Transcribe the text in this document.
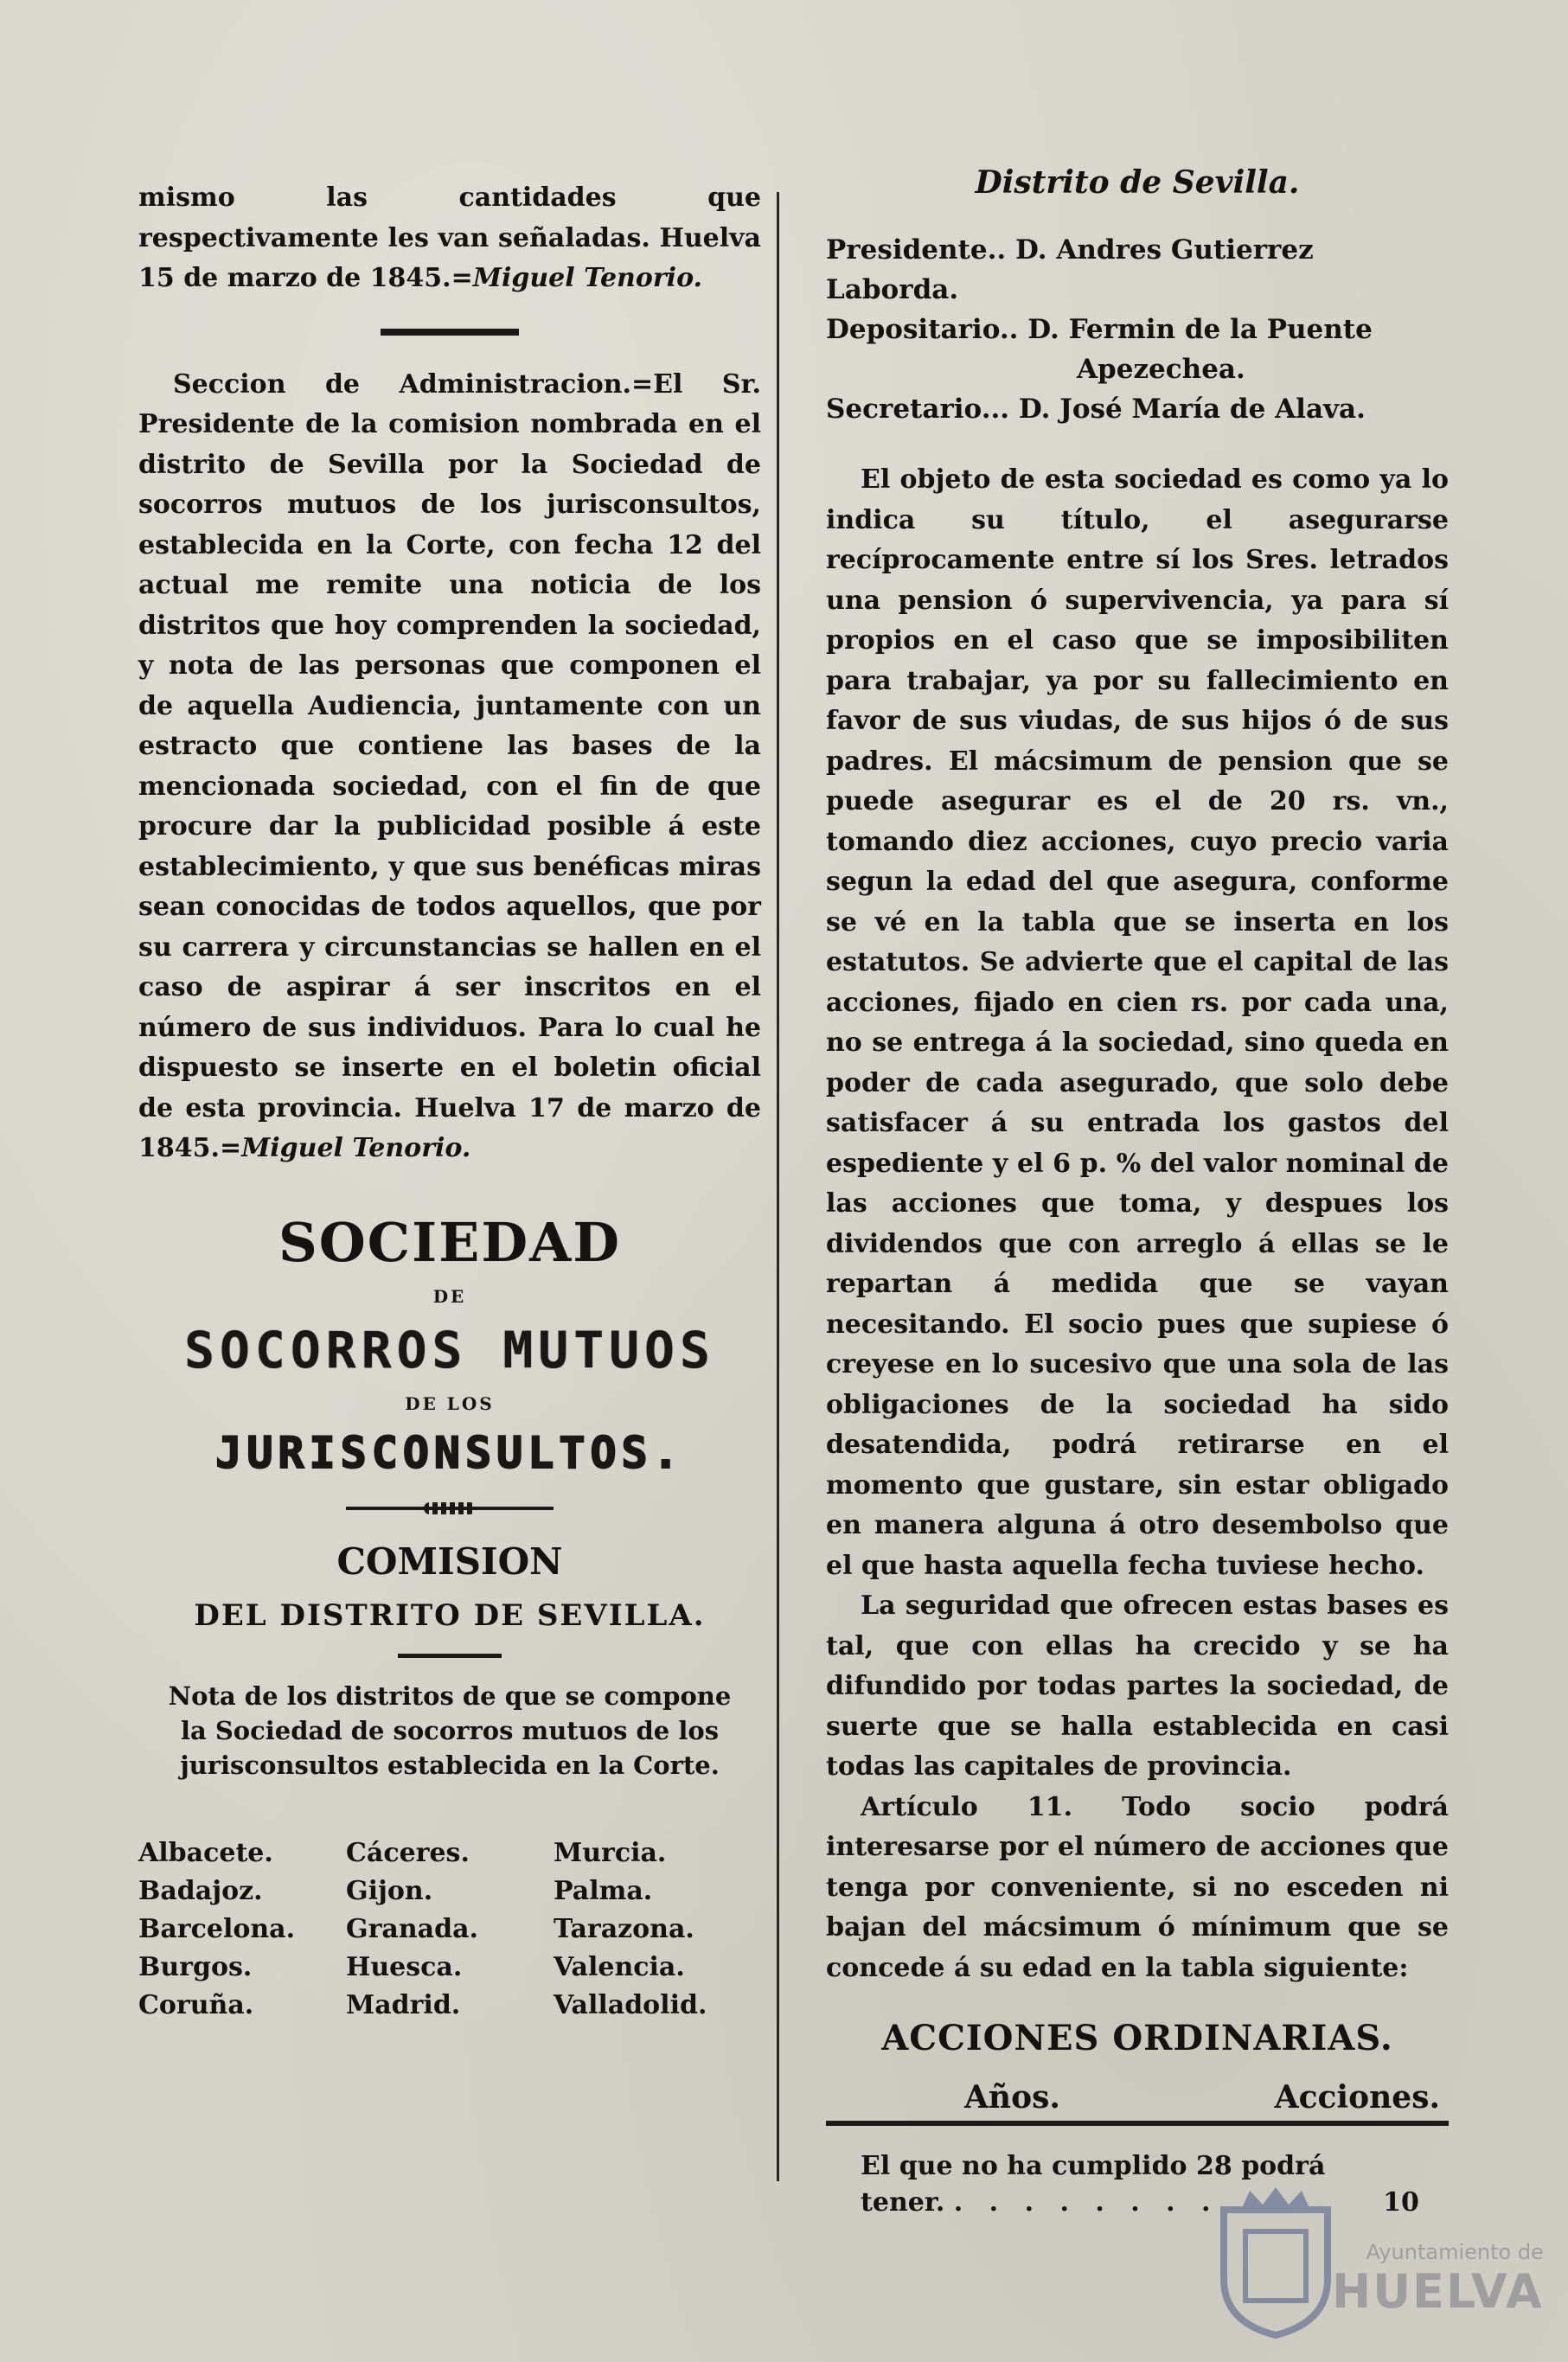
mismo las cantidades que respectivamente les van señaladas. Huelva 15 de marzo de 1845.=Miguel Tenorio.

Seccion de Administracion.=El Sr. Presidente de la comision nombrada en el distrito de Sevilla por la Sociedad de socorros mutuos de los jurisconsultos, establecida en la Corte, con fecha 12 del actual me remite una noticia de los distritos que hoy comprenden la sociedad, y nota de las personas que componen el de aquella Audiencia, juntamente con un estracto que contiene las bases de la mencionada sociedad, con el fin de que procure dar la publicidad posible á este establecimiento, y que sus benéficas miras sean conocidas de todos aquellos, que por su carrera y circunstancias se hallen en el caso de aspirar á ser inscritos en el número de sus individuos. Para lo cual he dispuesto se inserte en el boletin oficial de esta provincia. Huelva 17 de marzo de 1845.=Miguel Tenorio.

SOCIEDAD
DE
SOCORROS MUTUOS
DE LOS
JURISCONSULTOS.
COMISION
DEL DISTRITO DE SEVILLA.
Nota de los distritos de que se compone la Sociedad de socorros mutuos de los jurisconsultos establecida en la Corte.
Albacete.	Cáceres.	Murcia.
Badajoz.	Gijon.	Palma.
Barcelona.	Granada.	Tarazona.
Burgos.	Huesca.	Valencia.
Coruña.	Madrid.	Valladolid.
Distrito de Sevilla.
Presidente.. D. Andres Gutierrez Laborda.
Depositario.. D. Fermin de la Puente
Apezechea.
Secretario... D. José María de Alava.

El objeto de esta sociedad es como ya lo indica su título, el asegurarse recíprocamente entre sí los Sres. letrados una pension ó supervivencia, ya para sí propios en el caso que se imposibiliten para trabajar, ya por su fallecimiento en favor de sus viudas, de sus hijos ó de sus padres. El mácsimum de pension que se puede asegurar es el de 20 rs. vn., tomando diez acciones, cuyo precio varia segun la edad del que asegura, conforme se vé en la tabla que se inserta en los estatutos. Se advierte que el capital de las acciones, fijado en cien rs. por cada una, no se entrega á la sociedad, sino queda en poder de cada asegurado, que solo debe satisfacer á su entrada los gastos del espediente y el 6 p. % del valor nominal de las acciones que toma, y despues los dividendos que con arreglo á ellas se le repartan á medida que se vayan necesitando. El socio pues que supiese ó creyese en lo sucesivo que una sola de las obligaciones de la sociedad ha sido desatendida, podrá retirarse en el momento que gustare, sin estar obligado en manera alguna á otro desembolso que el que hasta aquella fecha tuviese hecho.

La seguridad que ofrecen estas bases es tal, que con ellas ha crecido y se ha difundido por todas partes la sociedad, de suerte que se halla establecida en casi todas las capitales de provincia.

Artículo 11. Todo socio podrá interesarse por el número de acciones que tenga por conveniente, si no esceden ni bajan del mácsimum ó mínimum que se concede á su edad en la tabla siguiente:

ACCIONES ORDINARIAS.
Años.	Acciones.
El que no ha cumplido 28 podrá tener. . . . . . . . .	10
Ayuntamiento de
HUELVA
